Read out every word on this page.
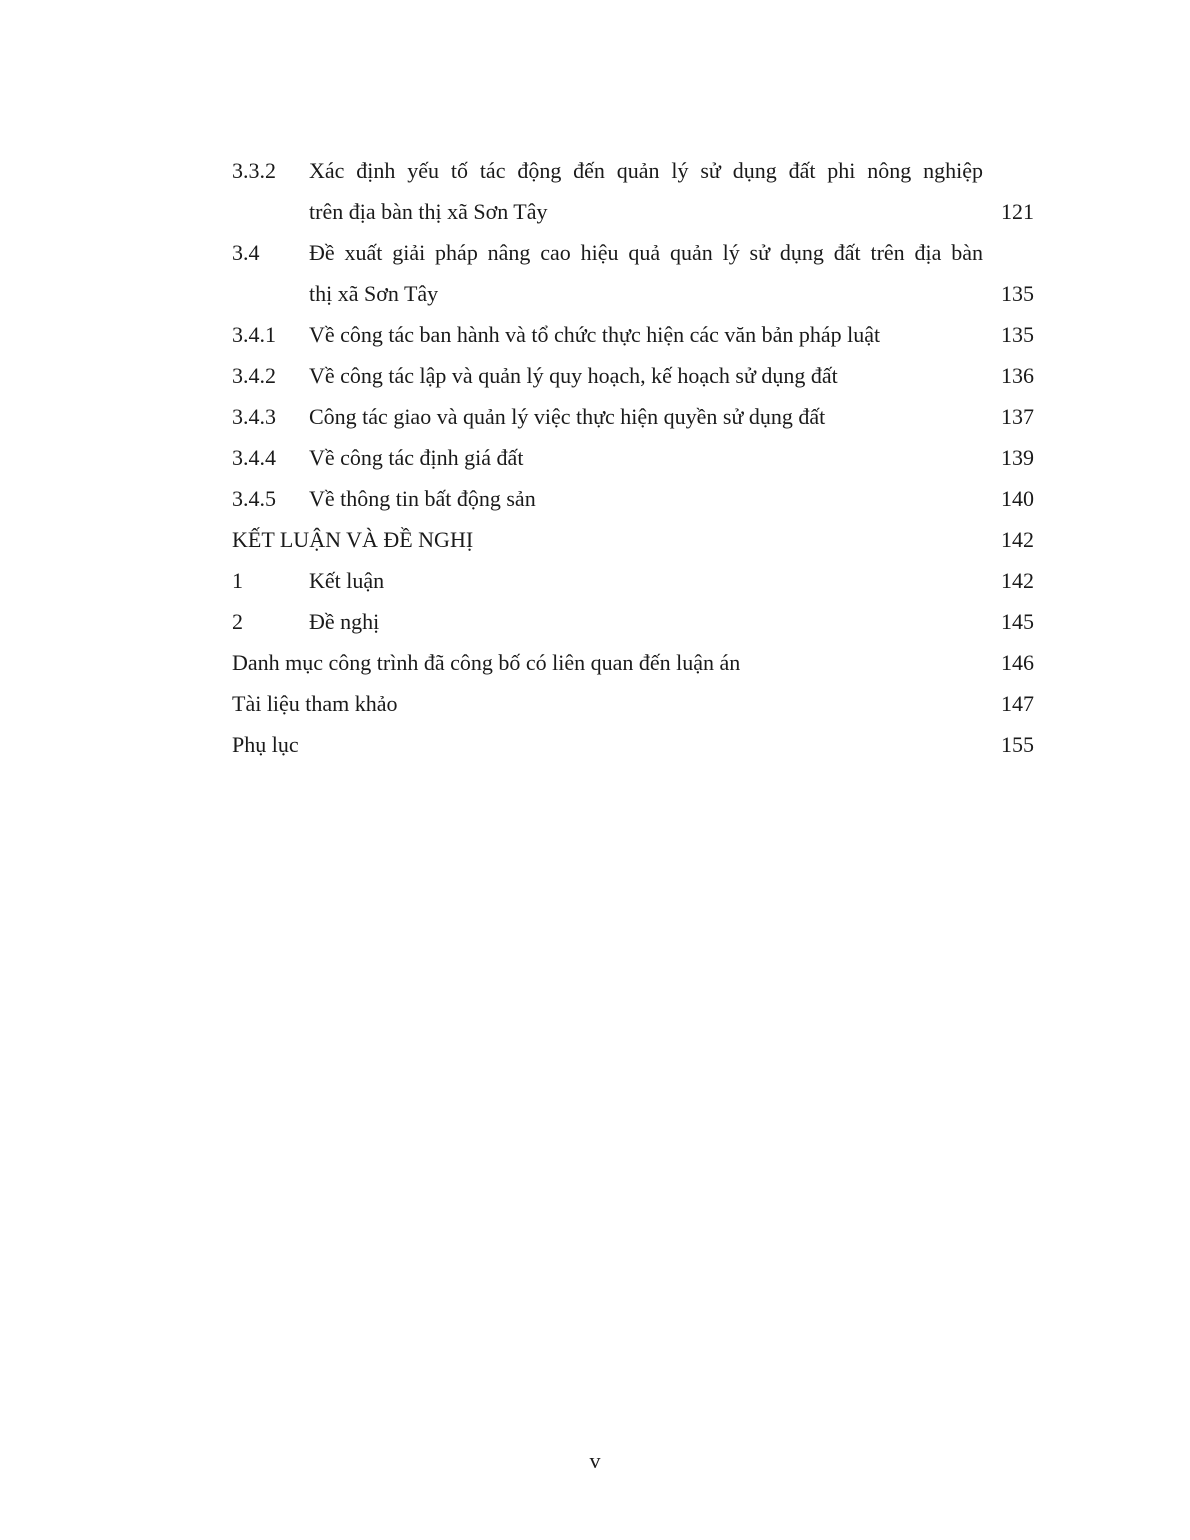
3.3.2 Xác định yếu tố tác động đến quản lý sử dụng đất phi nông nghiệp
trên địa bàn thị xã Sơn Tây	121
3.4 Đề xuất giải pháp nâng cao hiệu quả quản lý sử dụng đất trên địa bàn
thị xã Sơn Tây	135
3.4.1 Về công tác ban hành và tổ chức thực hiện các văn bản pháp luật	135
3.4.2 Về công tác lập và quản lý quy hoạch, kế hoạch sử dụng đất	136
3.4.3 Công tác giao và quản lý việc thực hiện quyền sử dụng đất	137
3.4.4 Về công tác định giá đất	139
3.4.5 Về thông tin bất động sản	140
KẾT LUẬN VÀ ĐỀ NGHỊ	142
1	Kết luận	142
2	Đề nghị	145
Danh mục công trình đã công bố có liên quan đến luận án	146
Tài liệu tham khảo	147
Phụ lục	155
v
